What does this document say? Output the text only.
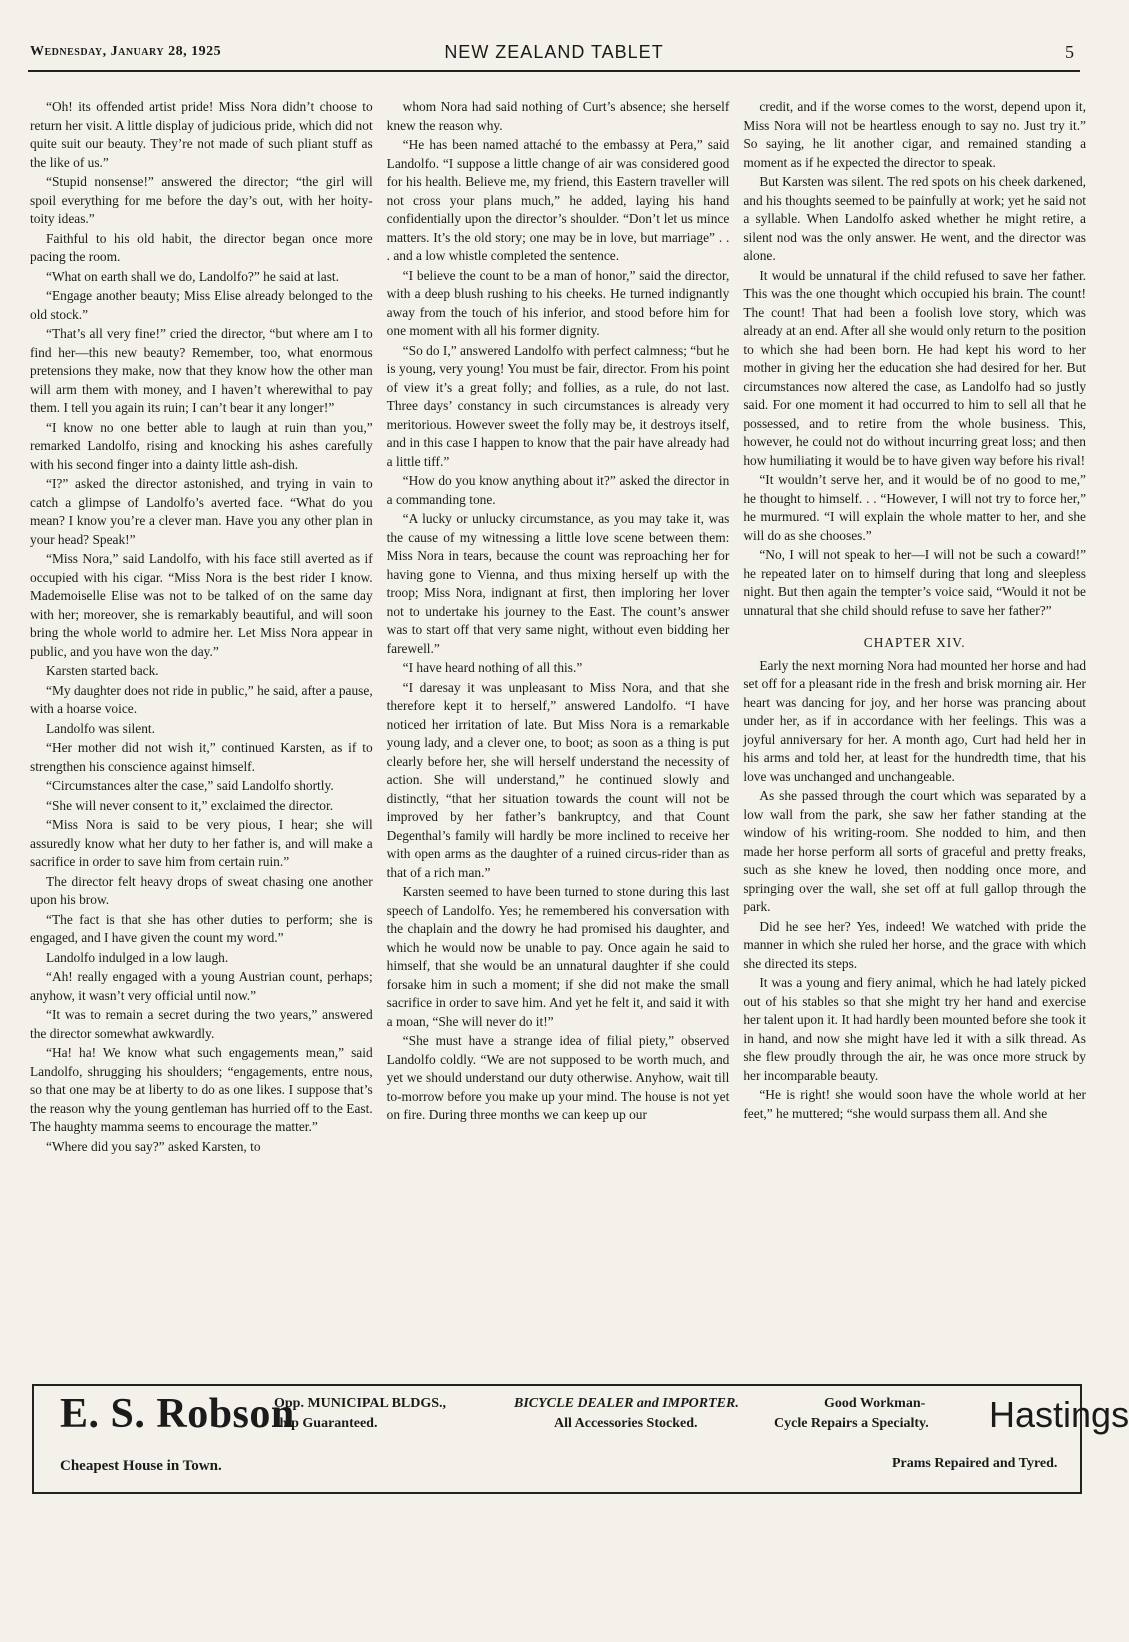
Wednesday, January 28, 1925	NEW ZEALAND TABLET	5

“Oh! its offended artist pride! Miss Nora didn’t choose to return her visit. A little display of judicious pride, which did not quite suit our beauty. They’re not made of such pliant stuff as the like of us.”

“Stupid nonsense!” answered the director; “the girl will spoil everything for me before the day’s out, with her hoity-toity ideas.”

Faithful to his old habit, the director began once more pacing the room.

“What on earth shall we do, Landolfo?” he said at last.

“Engage another beauty; Miss Elise already belonged to the old stock.”

“That’s all very fine!” cried the director, “but where am I to find her—this new beauty? Remember, too, what enormous pretensions they make, now that they know how the other man will arm them with money, and I haven’t wherewithal to pay them. I tell you again its ruin; I can’t bear it any longer!”

“I know no one better able to laugh at ruin than you,” remarked Landolfo, rising and knocking his ashes carefully with his second finger into a dainty little ash-dish.

“I?” asked the director astonished, and trying in vain to catch a glimpse of Landolfo’s averted face. “What do you mean? I know you’re a clever man. Have you any other plan in your head? Speak!”

“Miss Nora,” said Landolfo, with his face still averted as if occupied with his cigar. “Miss Nora is the best rider I know. Mademoiselle Elise was not to be talked of on the same day with her; moreover, she is remarkably beautiful, and will soon bring the whole world to admire her. Let Miss Nora appear in public, and you have won the day.”

Karsten started back.

“My daughter does not ride in public,” he said, after a pause, with a hoarse voice.

Landolfo was silent.

“Her mother did not wish it,” continued Karsten, as if to strengthen his conscience against himself.

“Circumstances alter the case,” said Landolfo shortly.

“She will never consent to it,” exclaimed the director.

“Miss Nora is said to be very pious, I hear; she will assuredly know what her duty to her father is, and will make a sacrifice in order to save him from certain ruin.”

The director felt heavy drops of sweat chasing one another upon his brow.

“The fact is that she has other duties to perform; she is engaged, and I have given the count my word.”

Landolfo indulged in a low laugh.

“Ah! really engaged with a young Austrian count, perhaps; anyhow, it wasn’t very official until now.”

“It was to remain a secret during the two years,” answered the director somewhat awkwardly.

“Ha! ha! We know what such engagements mean,” said Landolfo, shrugging his shoulders; “engagements, entre nous, so that one may be at liberty to do as one likes. I suppose that’s the reason why the young gentleman has hurried off to the East. The haughty mamma seems to encourage the matter.”

“Where did you say?” asked Karsten, to

whom Nora had said nothing of Curt’s absence; she herself knew the reason why.

“He has been named attaché to the embassy at Pera,” said Landolfo. “I suppose a little change of air was considered good for his health. Believe me, my friend, this Eastern traveller will not cross your plans much,” he added, laying his hand confidentially upon the director’s shoulder. “Don’t let us mince matters. It’s the old story; one may be in love, but marriage” . . . and a low whistle completed the sentence.

“I believe the count to be a man of honor,” said the director, with a deep blush rushing to his cheeks. He turned indignantly away from the touch of his inferior, and stood before him for one moment with all his former dignity.

“So do I,” answered Landolfo with perfect calmness; “but he is young, very young! You must be fair, director. From his point of view it’s a great folly; and follies, as a rule, do not last. Three days’ constancy in such circumstances is already very meritorious. However sweet the folly may be, it destroys itself, and in this case I happen to know that the pair have already had a little tiff.”

“How do you know anything about it?” asked the director in a commanding tone.

“A lucky or unlucky circumstance, as you may take it, was the cause of my witnessing a little love scene between them: Miss Nora in tears, because the count was reproaching her for having gone to Vienna, and thus mixing herself up with the troop; Miss Nora, indignant at first, then imploring her lover not to undertake his journey to the East. The count’s answer was to start off that very same night, without even bidding her farewell.”

“I have heard nothing of all this.”

“I daresay it was unpleasant to Miss Nora, and that she therefore kept it to herself,” answered Landolfo. “I have noticed her irritation of late. But Miss Nora is a remarkable young lady, and a clever one, to boot; as soon as a thing is put clearly before her, she will herself understand the necessity of action. She will understand,” he continued slowly and distinctly, “that her situation towards the count will not be improved by her father’s bankruptcy, and that Count Degenthal’s family will hardly be more inclined to receive her with open arms as the daughter of a ruined circus-rider than as that of a rich man.”

Karsten seemed to have been turned to stone during this last speech of Landolfo. Yes; he remembered his conversation with the chaplain and the dowry he had promised his daughter, and which he would now be unable to pay. Once again he said to himself, that she would be an unnatural daughter if she could forsake him in such a moment; if she did not make the small sacrifice in order to save him. And yet he felt it, and said it with a moan, “She will never do it!”

“She must have a strange idea of filial piety,” observed Landolfo coldly. “We are not supposed to be worth much, and yet we should understand our duty otherwise. Anyhow, wait till to-morrow before you make up your mind. The house is not yet on fire. During three months we can keep up our

credit, and if the worse comes to the worst, depend upon it, Miss Nora will not be heartless enough to say no. Just try it.” So saying, he lit another cigar, and remained standing a moment as if he expected the director to speak.

But Karsten was silent. The red spots on his cheek darkened, and his thoughts seemed to be painfully at work; yet he said not a syllable. When Landolfo asked whether he might retire, a silent nod was the only answer. He went, and the director was alone.

It would be unnatural if the child refused to save her father. This was the one thought which occupied his brain. The count! The count! That had been a foolish love story, which was already at an end. After all she would only return to the position to which she had been born. He had kept his word to her mother in giving her the education she had desired for her. But circumstances now altered the case, as Landolfo had so justly said. For one moment it had occurred to him to sell all that he possessed, and to retire from the whole business. This, however, he could not do without incurring great loss; and then how humiliating it would be to have given way before his rival!

“It wouldn’t serve her, and it would be of no good to me,” he thought to himself. . . “However, I will not try to force her,” he murmured. “I will explain the whole matter to her, and she will do as she chooses.”

“No, I will not speak to her—I will not be such a coward!” he repeated later on to himself during that long and sleepless night. But then again the tempter’s voice said, “Would it not be unnatural that she child should refuse to save her father?”

CHAPTER XIV.

Early the next morning Nora had mounted her horse and had set off for a pleasant ride in the fresh and brisk morning air. Her heart was dancing for joy, and her horse was prancing about under her, as if in accordance with her feelings. This was a joyful anniversary for her. A month ago, Curt had held her in his arms and told her, at least for the hundredth time, that his love was unchanged and unchangeable.

As she passed through the court which was separated by a low wall from the park, she saw her father standing at the window of his writing-room. She nodded to him, and then made her horse perform all sorts of graceful and pretty freaks, such as she knew he loved, then nodding once more, and springing over the wall, she set off at full gallop through the park.

Did he see her? Yes, indeed! We watched with pride the manner in which she ruled her horse, and the grace with which she directed its steps.

It was a young and fiery animal, which he had lately picked out of his stables so that she might try her hand and exercise her talent upon it. It had hardly been mounted before she took it in hand, and now she might have led it with a silk thread. As she flew proudly through the air, he was once more struck by her incomparable beauty.

“He is right! she would soon have the whole world at her feet,” he muttered; “she would surpass them all. And she

E. S. Robson
Cheapest House in Town.
Opp. MUNICIPAL BLDGS.,
ship Guaranteed.
BICYCLE DEALER and IMPORTER.
All Accessories Stocked.
Good Workman-
Cycle Repairs a Specialty. Hastings
Prams Repaired and Tyred.
